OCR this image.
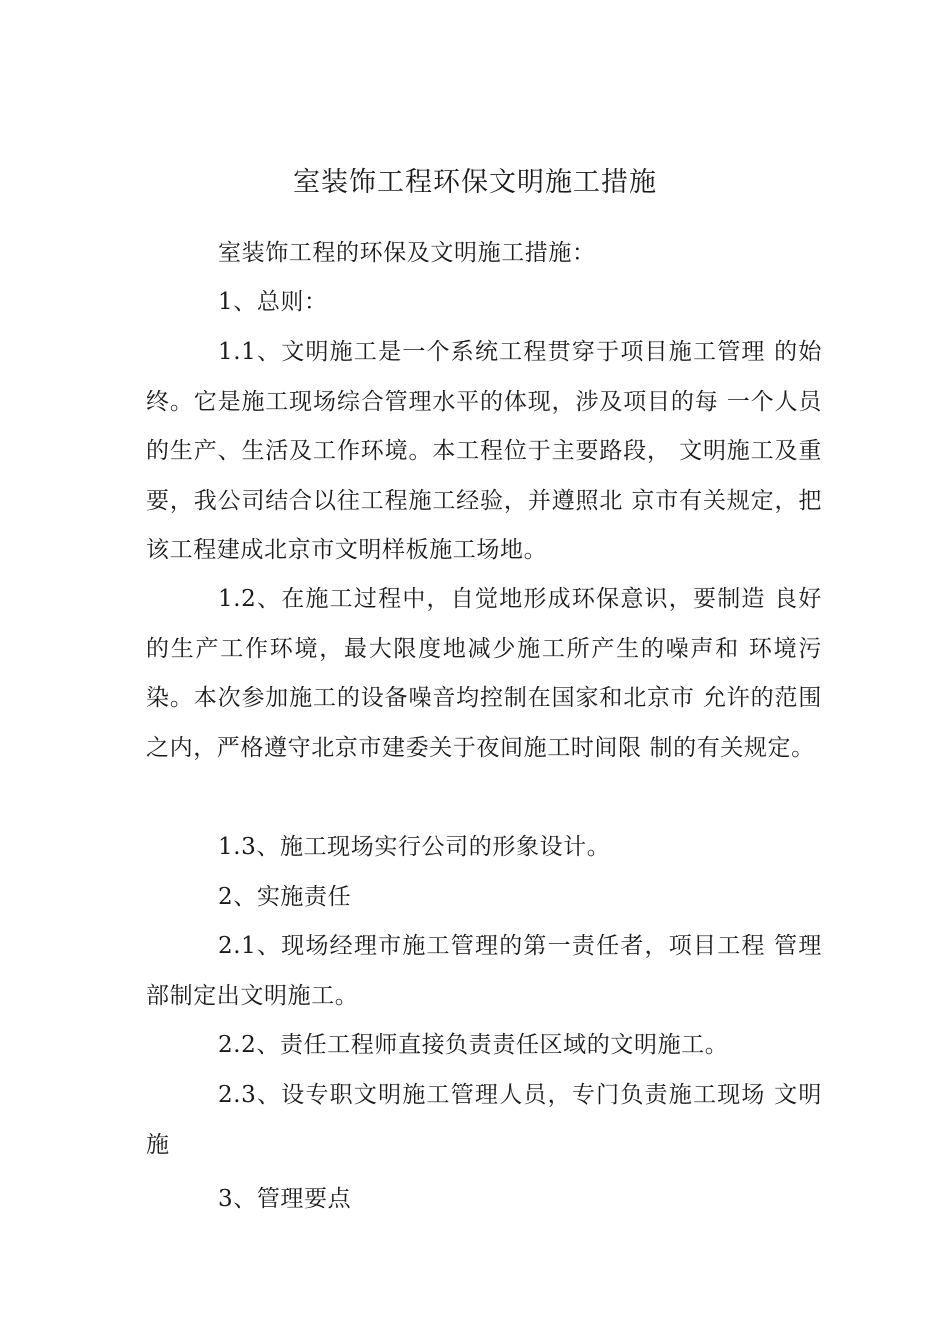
室装饰工程环保文明施工措施

室装饰工程的环保及文明施工措施：

1、总则：

1.1、文明施工是一个系统工程贯穿于项目施工管理 的始终。它是施工现场综合管理水平的体现，涉及项目的每 一个人员的生产、生活及工作环境。本工程位于主要路段， 文明施工及重要，我公司结合以往工程施工经验，并遵照北 京市有关规定，把该工程建成北京市文明样板施工场地。

1.2、在施工过程中，自觉地形成环保意识，要制造 良好的生产工作环境，最大限度地减少施工所产生的噪声和 环境污染。本次参加施工的设备噪音均控制在国家和北京市 允许的范围之内，严格遵守北京市建委关于夜间施工时间限 制的有关规定。

1.3、施工现场实行公司的形象设计。

2、实施责任

2.1、现场经理市施工管理的第一责任者，项目工程 管理部制定出文明施工。

2.2、责任工程师直接负责责任区域的文明施工。

2.3、设专职文明施工管理人员，专门负责施工现场 文明施

3、管理要点
